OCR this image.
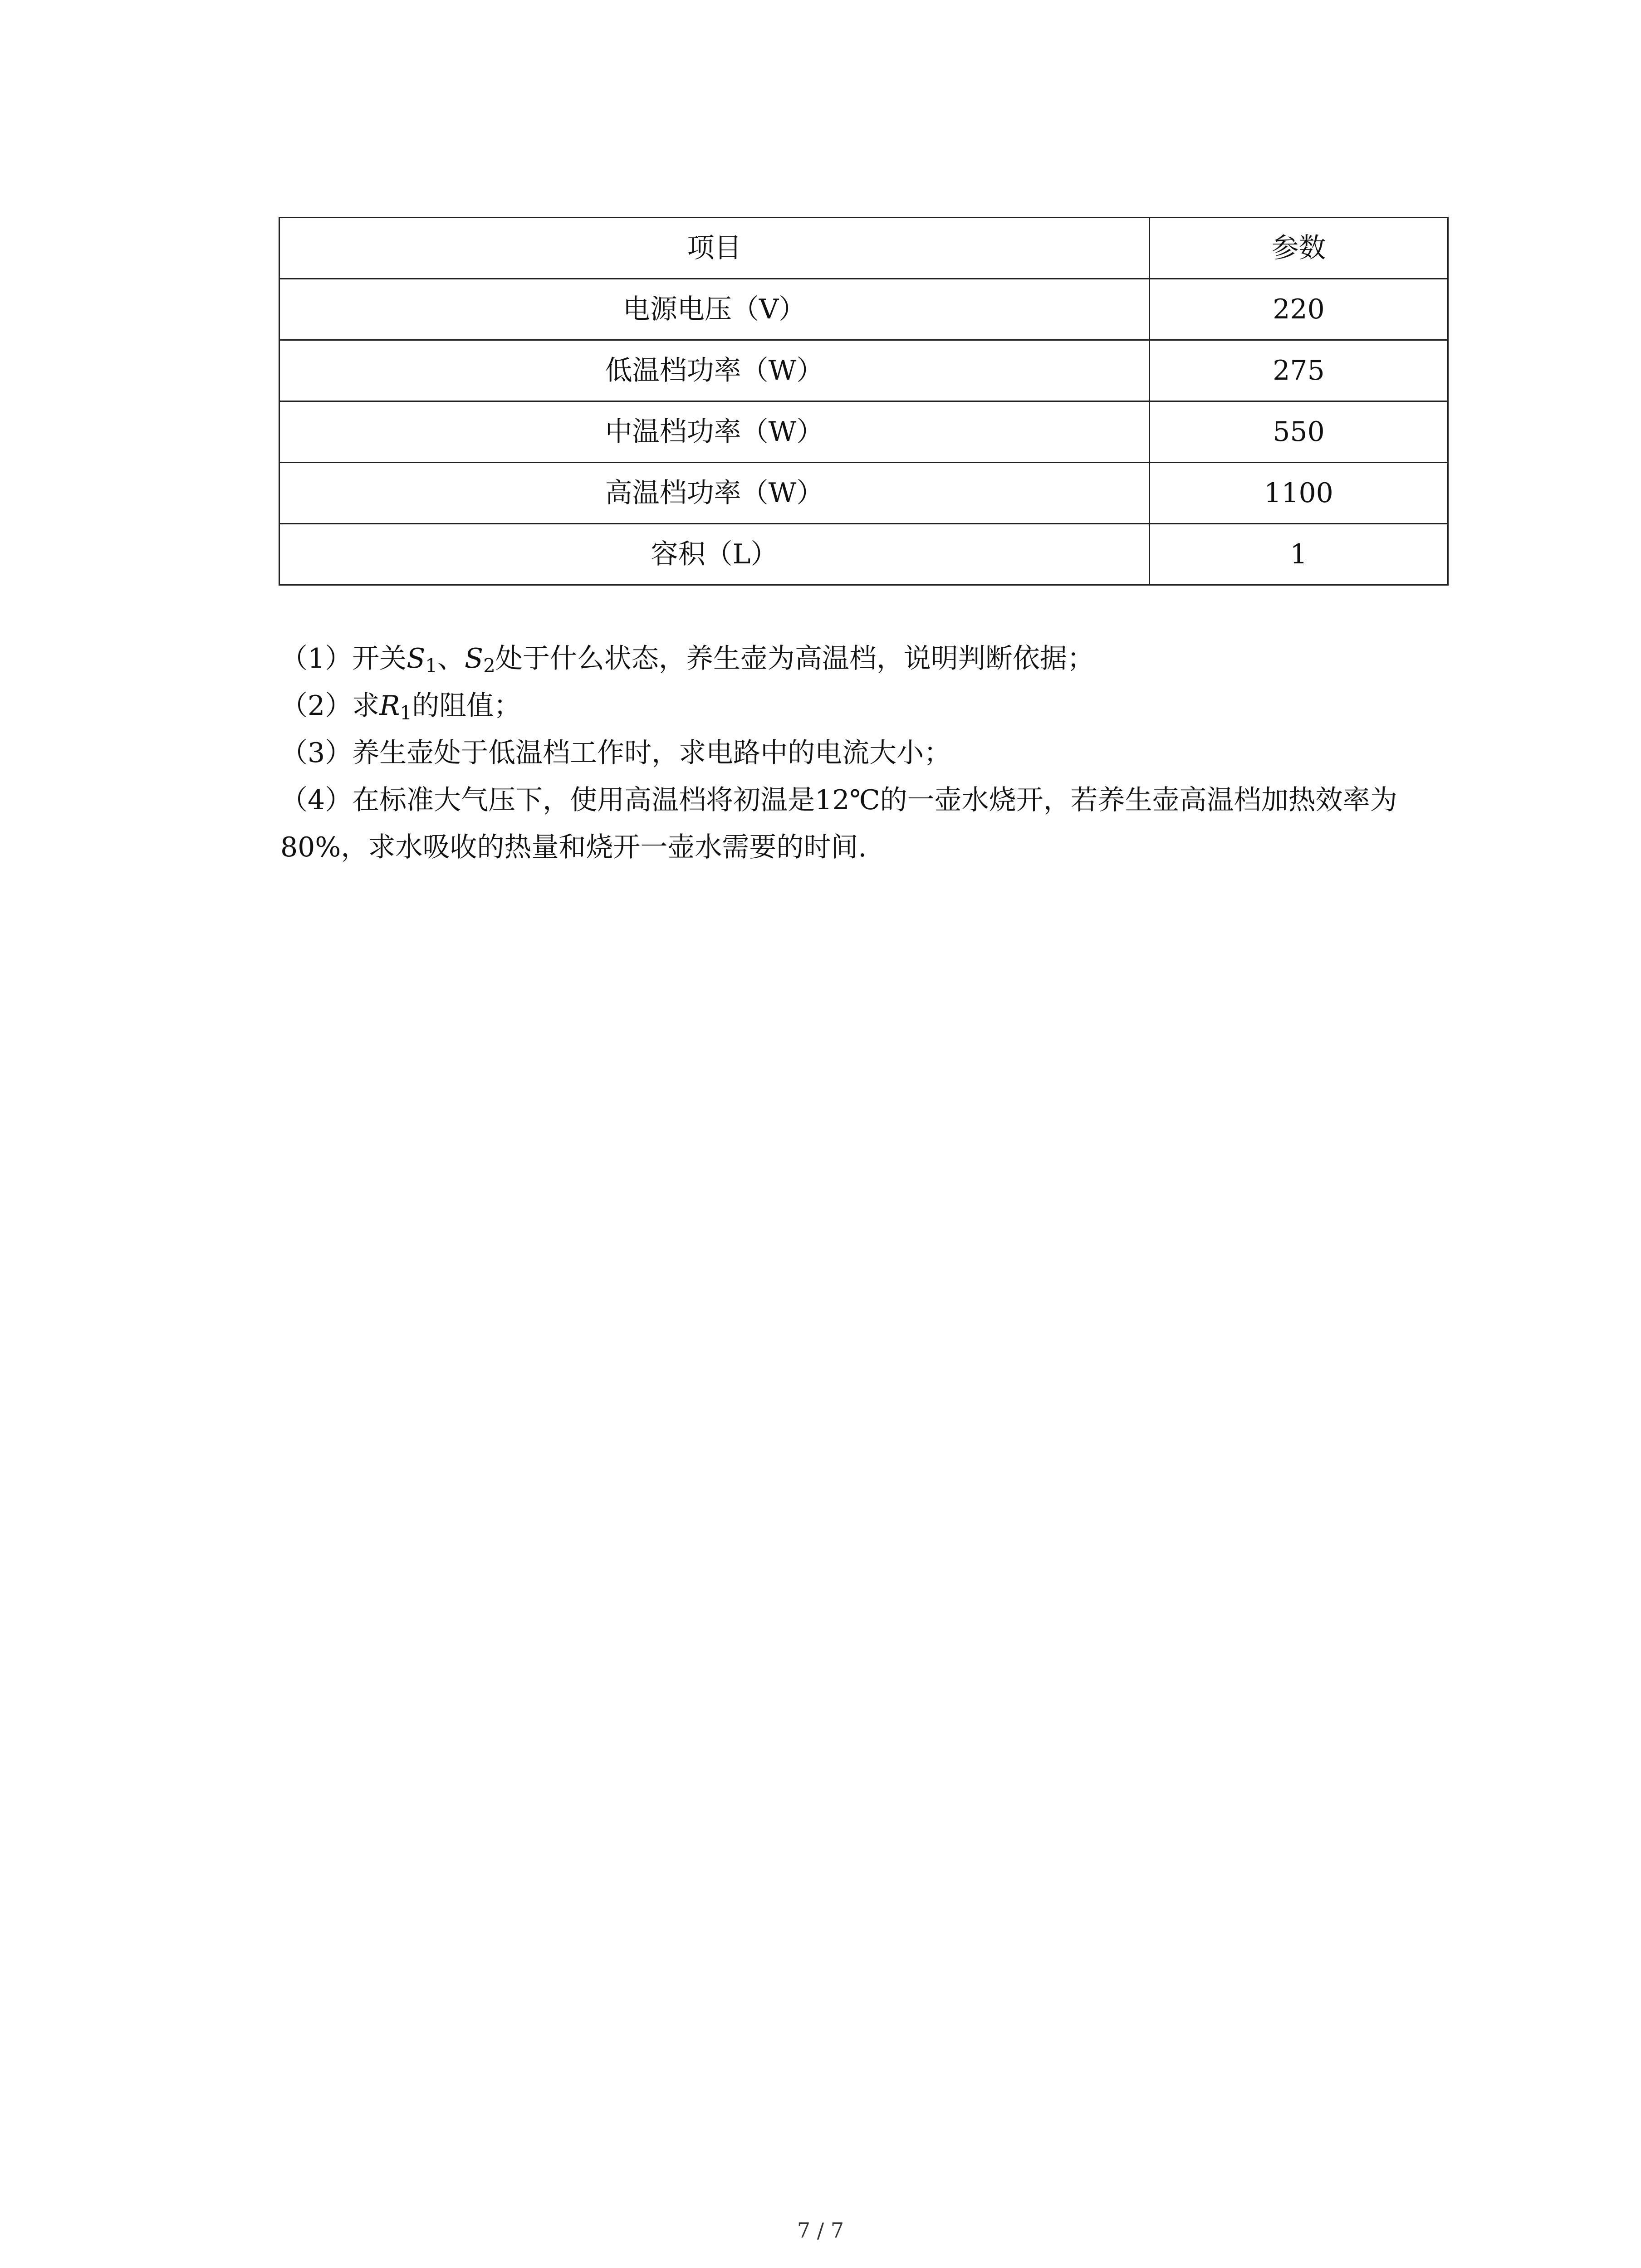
项目	参数
电源电压（V）	220
低温档功率（W）	275
中温档功率（W）	550
高温档功率（W）	1100
容积（L）	1

（1）开关$S_1$、$S_2$处于什么状态，养生壶为高温档，说明判断依据；

（2）求$R_1$的阻值；

（3）养生壶处于低温档工作时，求电路中的电流大小；

（4）在标准大气压下，使用高温档将初温是12℃的一壶水烧开，若养生壶高温档加热效率为80%，求水吸收的热量和烧开一壶水需要的时间.

7 / 7
